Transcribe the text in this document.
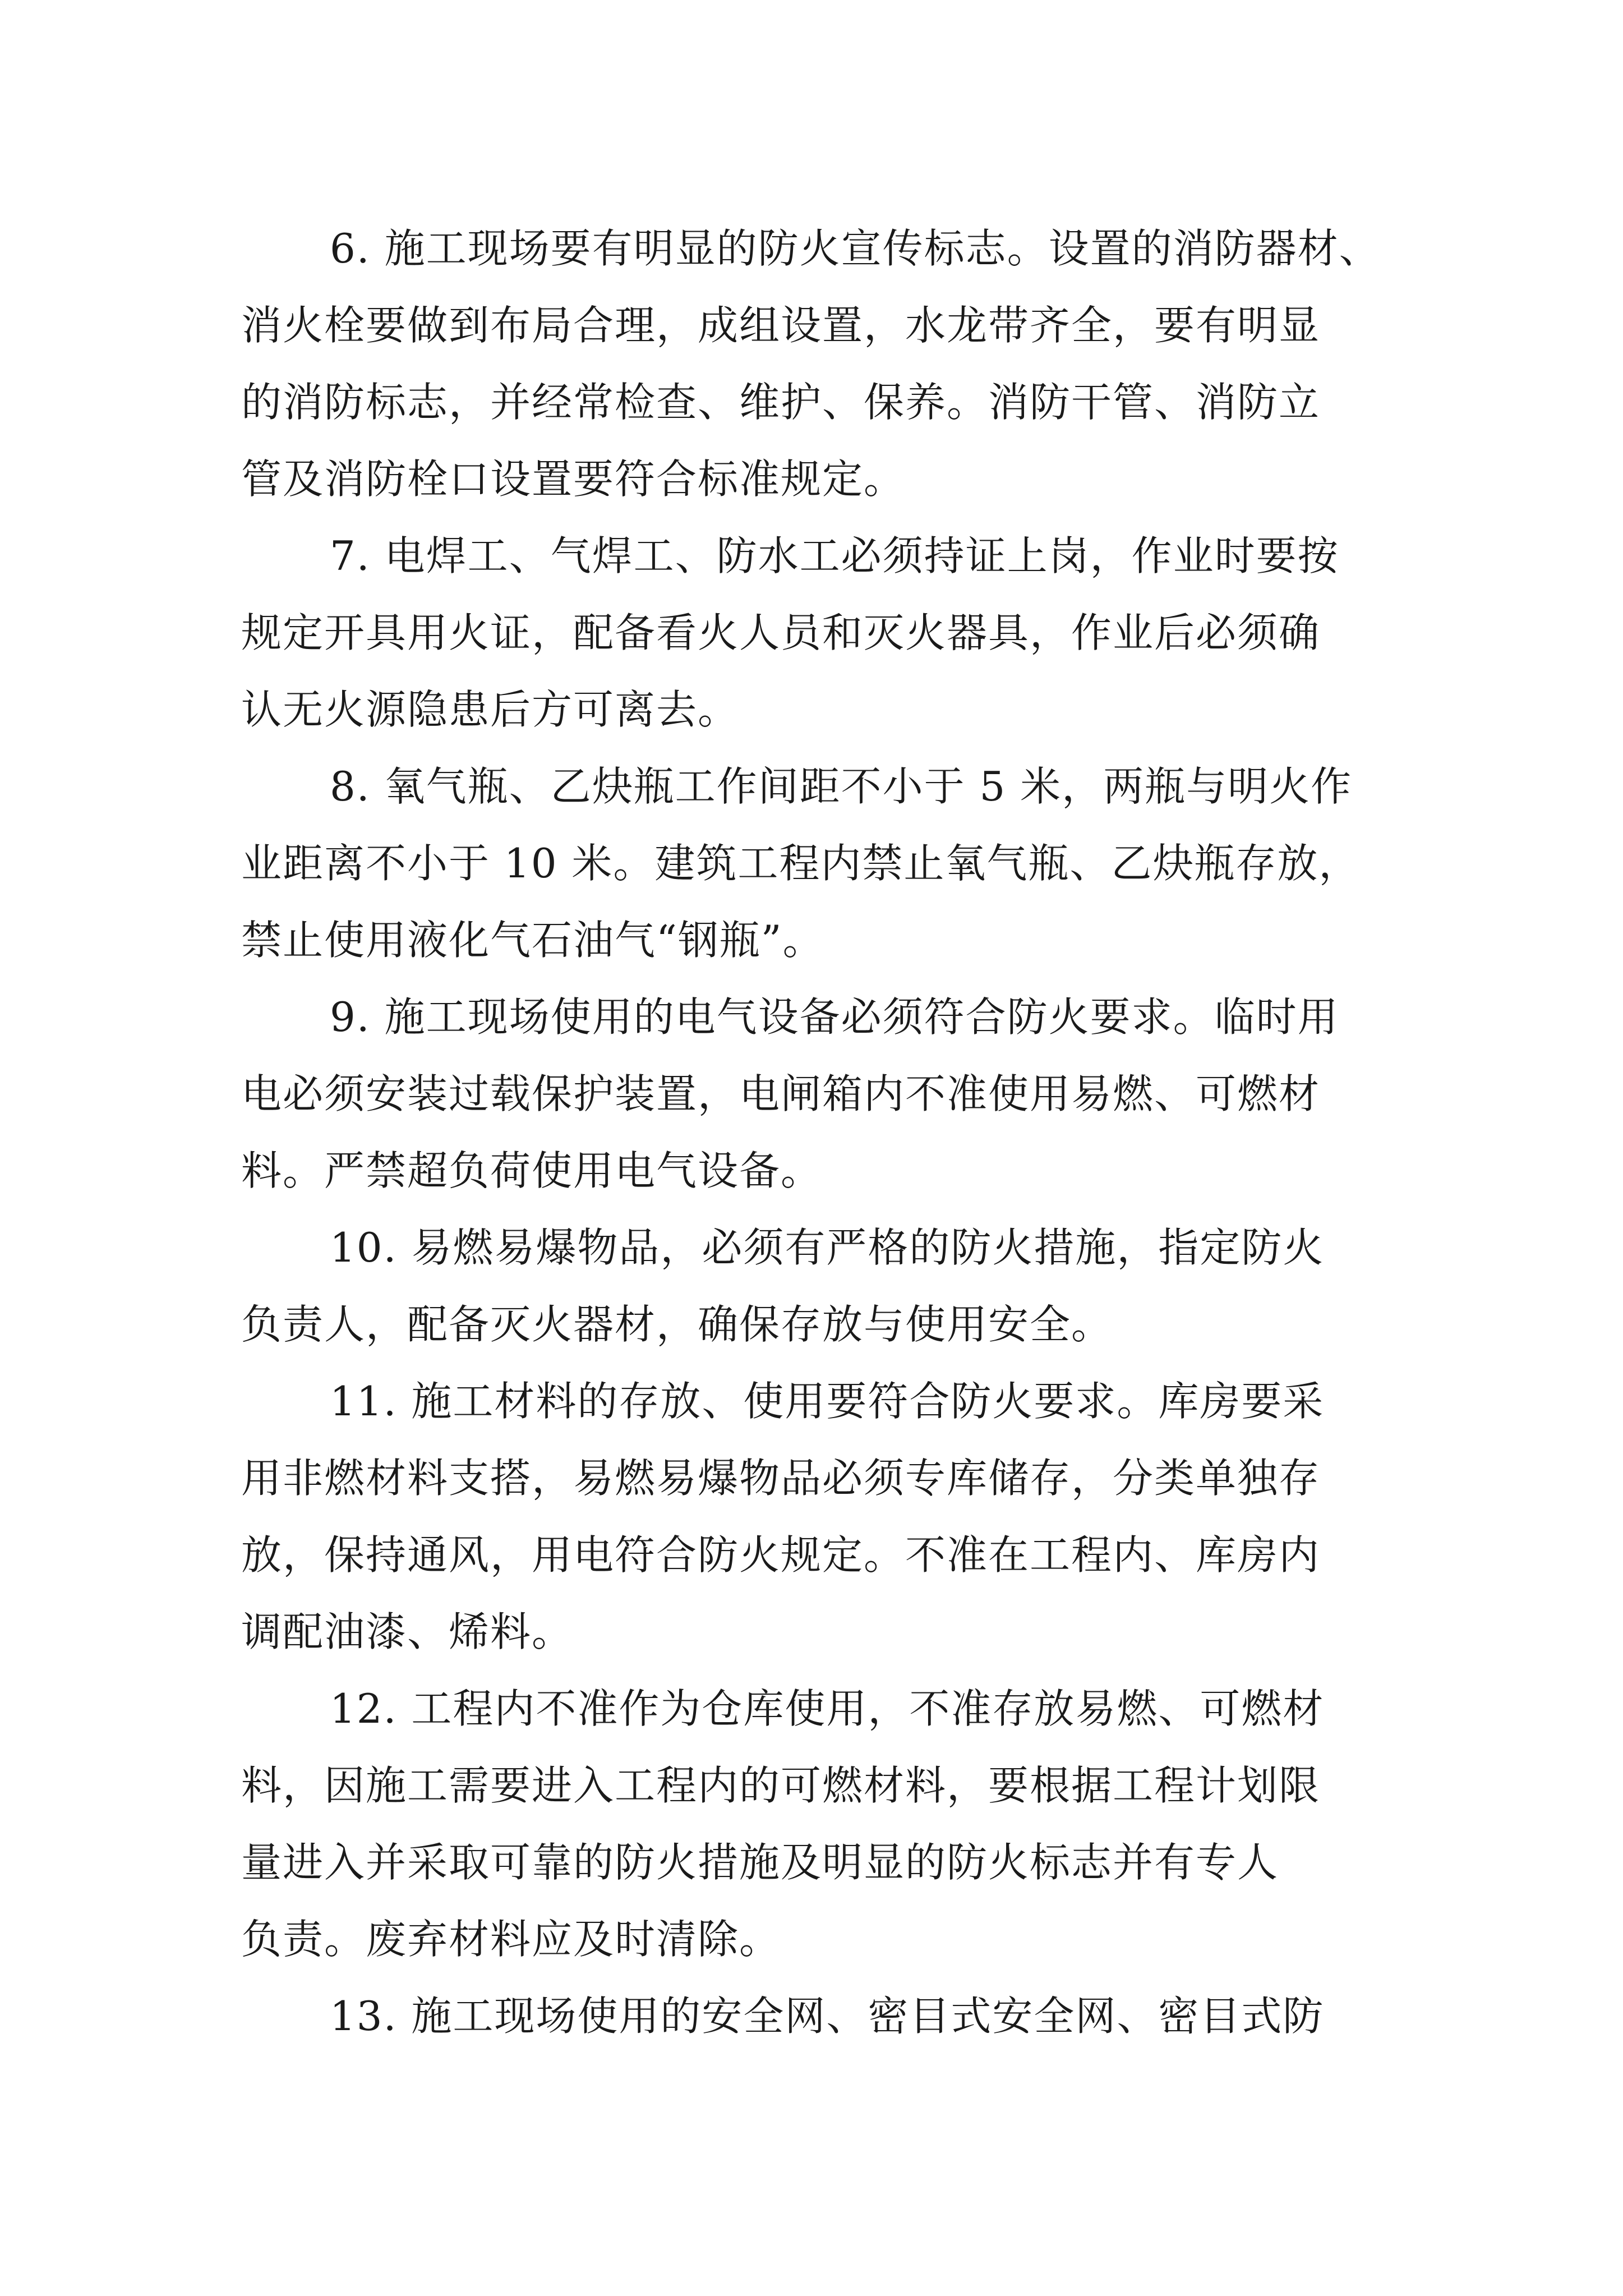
6. 施工现场要有明显的防火宣传标志。设置的消防器材、
消火栓要做到布局合理，成组设置，水龙带齐全，要有明显
的消防标志，并经常检查、维护、保养。消防干管、消防立
管及消防栓口设置要符合标准规定。
7. 电焊工、气焊工、防水工必须持证上岗，作业时要按
规定开具用火证，配备看火人员和灭火器具，作业后必须确
认无火源隐患后方可离去。
8. 氧气瓶、乙炔瓶工作间距不小于 5 米，两瓶与明火作
业距离不小于 10 米。建筑工程内禁止氧气瓶、乙炔瓶存放，
禁止使用液化气石油气“钢瓶”。
9. 施工现场使用的电气设备必须符合防火要求。临时用
电必须安装过载保护装置，电闸箱内不准使用易燃、可燃材
料。严禁超负荷使用电气设备。
10. 易燃易爆物品，必须有严格的防火措施，指定防火
负责人，配备灭火器材，确保存放与使用安全。
11. 施工材料的存放、使用要符合防火要求。库房要采
用非燃材料支搭，易燃易爆物品必须专库储存，分类单独存
放，保持通风，用电符合防火规定。不准在工程内、库房内
调配油漆、烯料。
12. 工程内不准作为仓库使用，不准存放易燃、可燃材
料，因施工需要进入工程内的可燃材料，要根据工程计划限
量进入并采取可靠的防火措施及明显的防火标志并有专人
负责。废弃材料应及时清除。
13. 施工现场使用的安全网、密目式安全网、密目式防
